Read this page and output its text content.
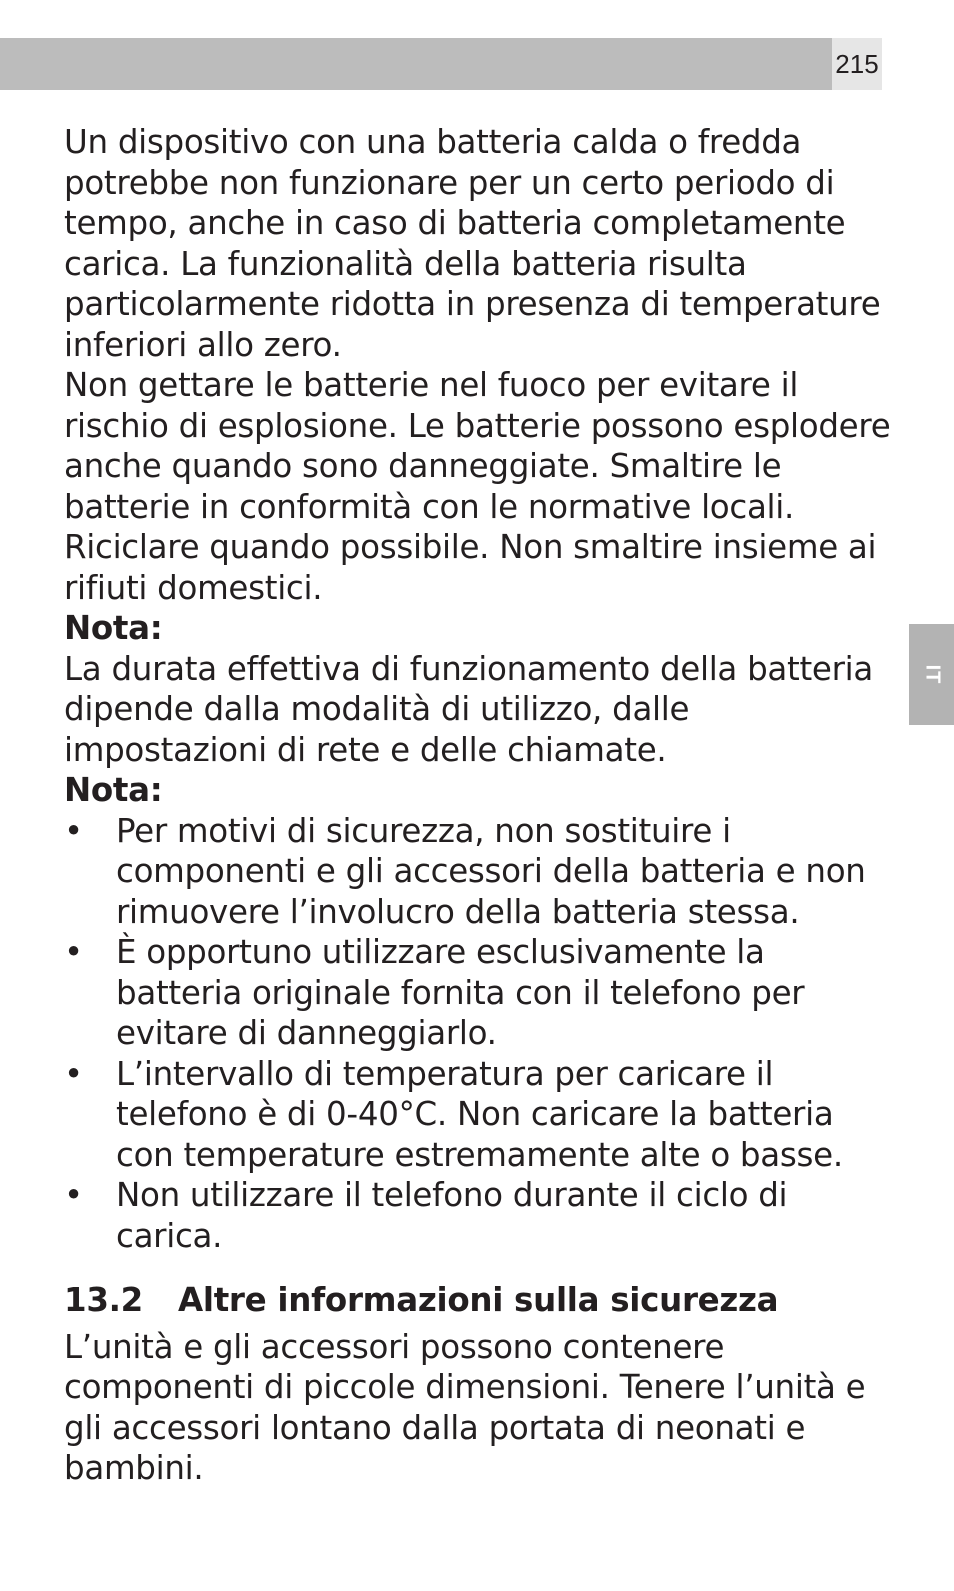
215
IT

Un dispositivo con una batteria calda o fredda potrebbe non funzionare per un certo periodo di tempo, anche in caso di batteria completamente carica. La funzionalità della batteria risulta particolarmente ridotta in presenza di temperature inferiori allo zero.

Non gettare le batterie nel fuoco per evitare il rischio di esplosione. Le batterie possono esplodere anche quando sono danneggiate. Smaltire le batterie in conformità con le normative locali. Riciclare quando possibile. Non smaltire insieme ai rifiuti domestici.

Nota:

La durata effettiva di funzionamento della batteria dipende dalla modalità di utilizzo, dalle impostazioni di rete e delle chiamate.

Nota:

• Per motivi di sicurezza, non sostituire i componenti e gli accessori della batteria e non rimuovere l’involucro della batteria stessa.
• È opportuno utilizzare esclusivamente la batteria originale fornita con il telefono per evitare di danneggiarlo.
• L’intervallo di temperatura per caricare il telefono è di 0-40°C. Non caricare la batteria con temperature estremamente alte o basse.
• Non utilizzare il telefono durante il ciclo di carica.
13.2	Altre informazioni sulla sicurezza

L’unità e gli accessori possono contenere componenti di piccole dimensioni. Tenere l’unità e gli accessori lontano dalla portata di neonati e bambini.
